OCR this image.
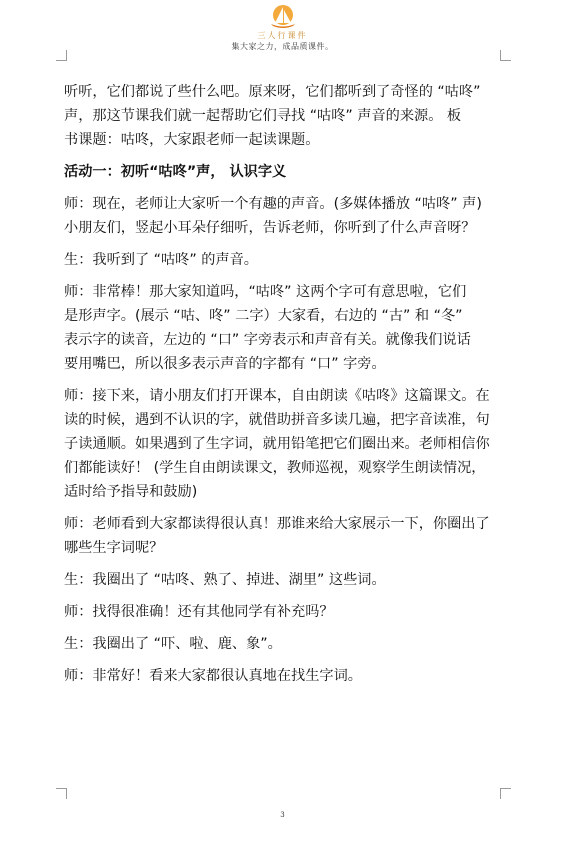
三人行课件
集大家之力，成品质课件。
听听，它们都说了些什么吧。原来呀，它们都听到了奇怪的 “咕咚”
声，那这节课我们就一起帮助它们寻找 “咕咚” 声音的来源。 板
书课题：咕咚，大家跟老师一起读课题。
活动一：初听“咕咚”声， 认识字义
师：现在，老师让大家听一个有趣的声音。(多媒体播放 “咕咚” 声)
小朋友们，竖起小耳朵仔细听，告诉老师，你听到了什么声音呀？
生：我听到了 “咕咚” 的声音。
师：非常棒！那大家知道吗，“咕咚” 这两个字可有意思啦，它们
是形声字。(展示 “咕、咚” 二字）大家看，右边的 “古” 和 “冬”
表示字的读音，左边的 “口” 字旁表示和声音有关。就像我们说话
要用嘴巴，所以很多表示声音的字都有 “口” 字旁。
师：接下来，请小朋友们打开课本，自由朗读《咕咚》这篇课文。在
读的时候，遇到不认识的字，就借助拼音多读几遍，把字音读准，句
子读通顺。如果遇到了生字词，就用铅笔把它们圈出来。老师相信你
们都能读好！ (学生自由朗读课文，教师巡视，观察学生朗读情况，
适时给予指导和鼓励)
师：老师看到大家都读得很认真！那谁来给大家展示一下，你圈出了
哪些生字词呢？
生：我圈出了 “咕咚、熟了、掉进、湖里” 这些词。
师：找得很准确！还有其他同学有补充吗？
生：我圈出了 “吓、啦、鹿、象”。
师：非常好！看来大家都很认真地在找生字词。
3
